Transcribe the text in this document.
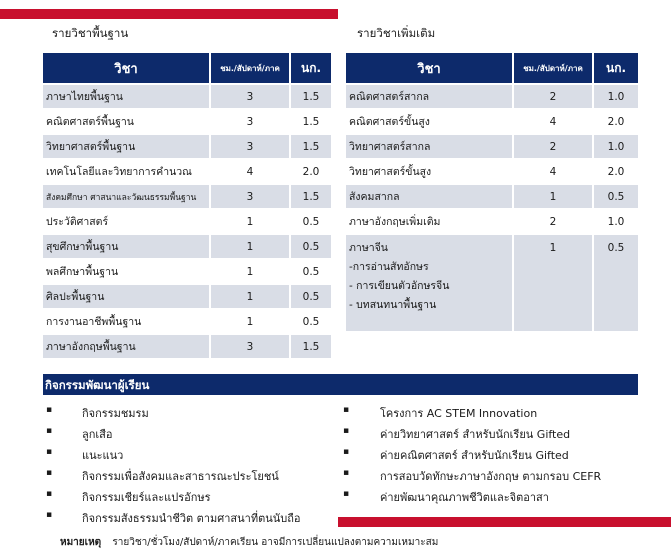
รายวิชาพื้นฐาน	รายวิชาเพิ่มเติม
วิชา	ชม./สัปดาห์/ภาค	นก.
ภาษาไทยพื้นฐาน	3	1.5
คณิตศาสตร์พื้นฐาน	3	1.5
วิทยาศาสตร์พื้นฐาน	3	1.5
เทคโนโลยีและวิทยาการคำนวณ	4	2.0
สังคมศึกษา ศาสนาและวัฒนธรรมพื้นฐาน	3	1.5
ประวัติศาสตร์	1	0.5
สุขศึกษาพื้นฐาน	1	0.5
พลศึกษาพื้นฐาน	1	0.5
ศิลปะพื้นฐาน	1	0.5
การงานอาชีพพื้นฐาน	1	0.5
ภาษาอังกฤษพื้นฐาน	3	1.5
วิชา	ชม./สัปดาห์/ภาค	นก.
คณิตศาสตร์สากล	2	1.0
คณิตศาสตร์ขั้นสูง	4	2.0
วิทยาศาสตร์สากล	2	1.0
วิทยาศาสตร์ขั้นสูง	4	2.0
สังคมสากล	1	0.5
ภาษาอังกฤษเพิ่มเติม	2	1.0

ภาษาจีน
-การอ่านสัทอักษร
- การเขียนตัวอักษรจีน
- บทสนทนาพื้นฐาน	1	0.5
กิจกรรมพัฒนาผู้เรียน
▪	กิจกรรมชมรม
▪	ลูกเสือ
▪	แนะแนว
▪	กิจกรรมเพื่อสังคมและสาธารณะประโยชน์
▪	กิจกรรมเชียร์และแปรอักษร
▪	กิจกรรมสังธรรมนำชีวิต ตามศาสนาที่ตนนับถือ
▪	โครงการ AC STEM Innovation
▪	ค่ายวิทยาศาสตร์ สำหรับนักเรียน Gifted
▪	ค่ายคณิตศาสตร์ สำหรับนักเรียน Gifted
▪	การสอบวัดทักษะภาษาอังกฤษ ตามกรอบ CEFR
▪	ค่ายพัฒนาคุณภาพชีวิตและจิตอาสา
หมายเหตุ รายวิชา/ชั่วโมง/สัปดาห์/ภาคเรียน อาจมีการเปลี่ยนแปลงตามความเหมาะสม
